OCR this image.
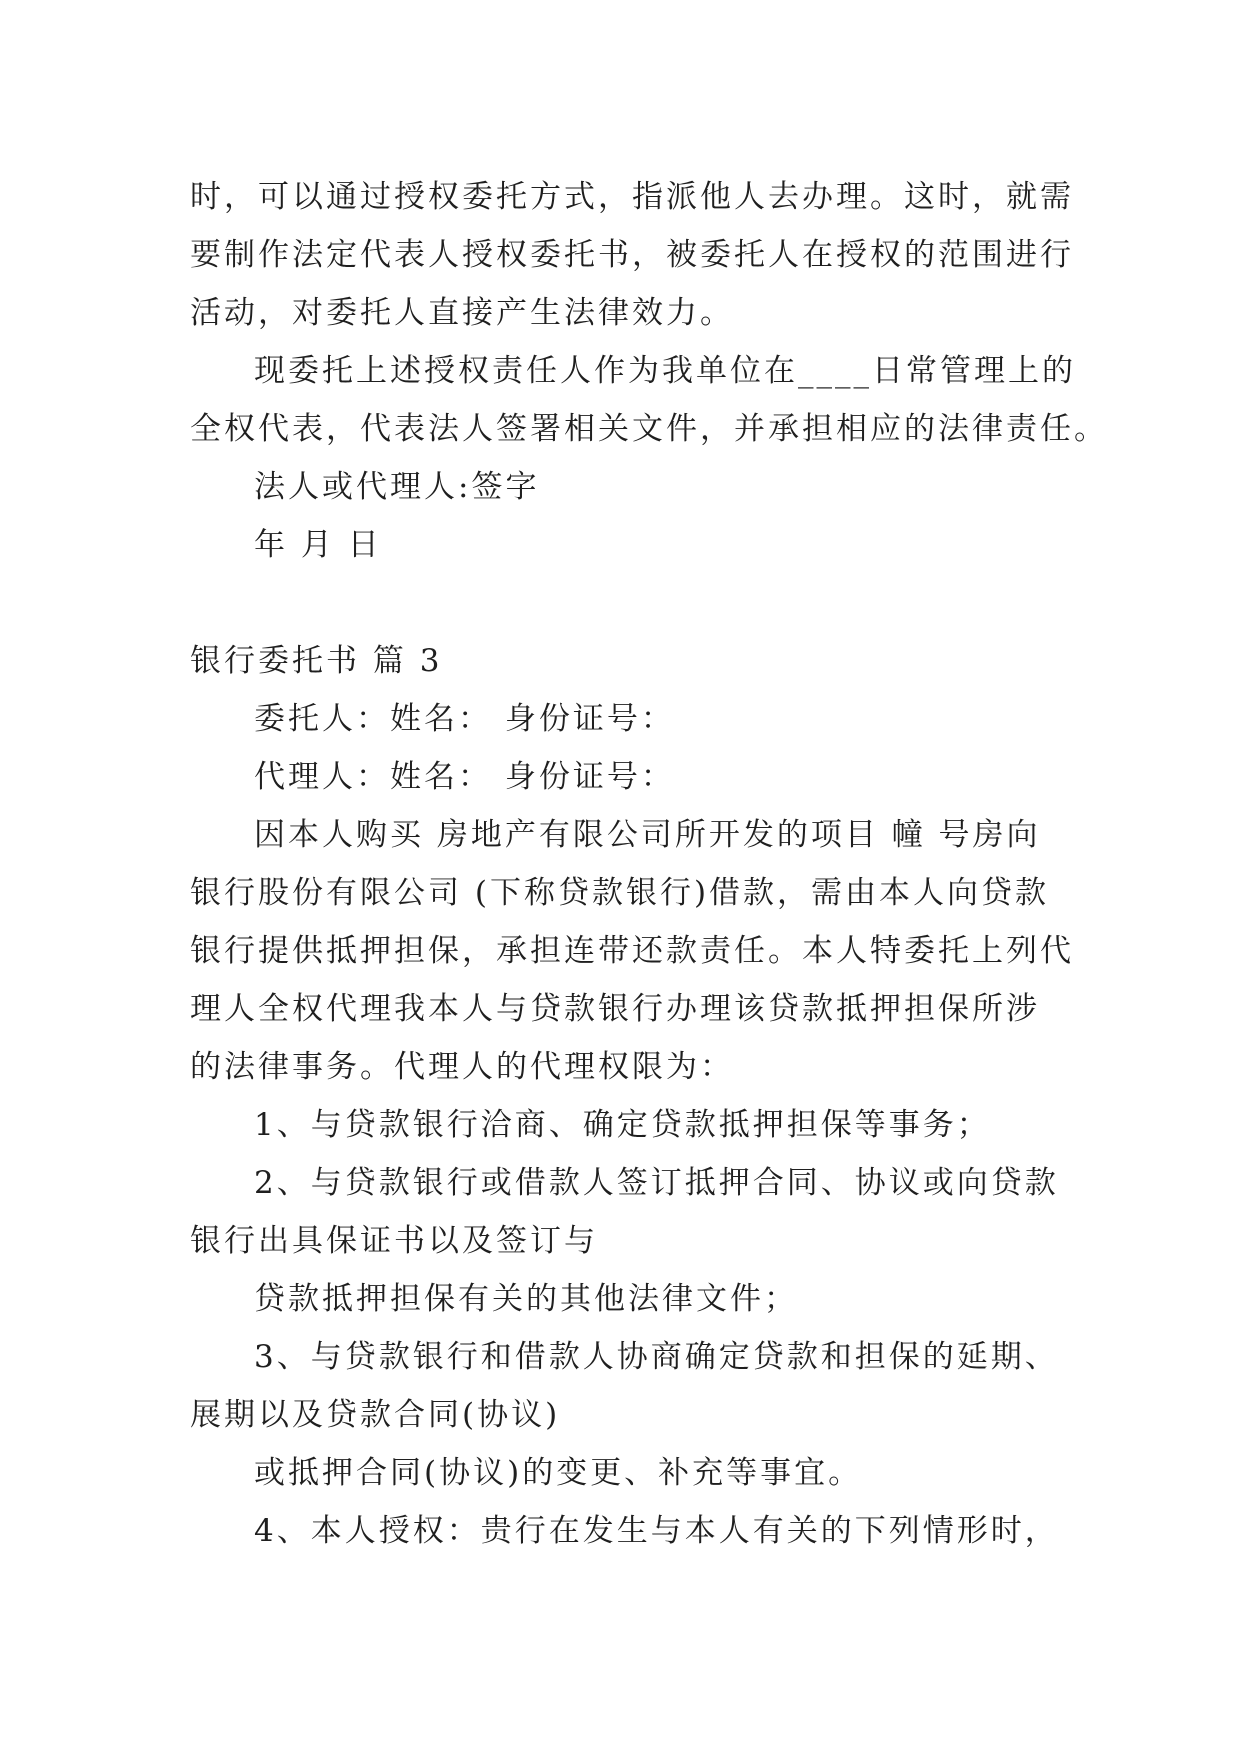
时，可以通过授权委托方式，指派他人去办理。这时，就需
要制作法定代表人授权委托书，被委托人在授权的范围进行
活动，对委托人直接产生法律效力。
现委托上述授权责任人作为我单位在____日常管理上的
全权代表，代表法人签署相关文件，并承担相应的法律责任。
法人或代理人:签字
年 月 日
银行委托书 篇 3
委托人：姓名： 身份证号：
代理人：姓名： 身份证号：
因本人购买 房地产有限公司所开发的项目 幢 号房向
银行股份有限公司 (下称贷款银行)借款，需由本人向贷款
银行提供抵押担保，承担连带还款责任。本人特委托上列代
理人全权代理我本人与贷款银行办理该贷款抵押担保所涉
的法律事务。代理人的代理权限为：
1、与贷款银行洽商、确定贷款抵押担保等事务；
2、与贷款银行或借款人签订抵押合同、协议或向贷款
银行出具保证书以及签订与
贷款抵押担保有关的其他法律文件；
3、与贷款银行和借款人协商确定贷款和担保的延期、
展期以及贷款合同(协议)
或抵押合同(协议)的变更、补充等事宜。
4、本人授权：贵行在发生与本人有关的下列情形时，
